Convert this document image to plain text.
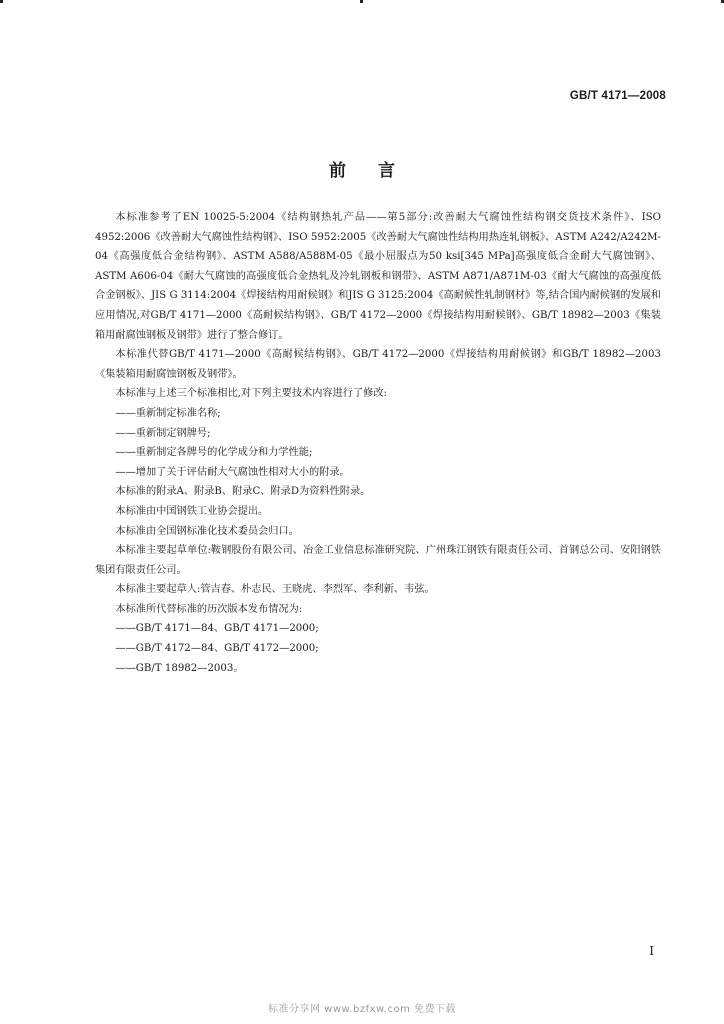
GB/T 4171—2008
前言

本标准参考了EN 10025-5:2004《结构钢热轧产品——第5部分:改善耐大气腐蚀性结构钢交货技术条件》、ISO 4952:2006《改善耐大气腐蚀性结构钢》、ISO 5952:2005《改善耐大气腐蚀性结构用热连轧钢板》、ASTM A242/A242M-04《高强度低合金结构钢》、ASTM A588/A588M-05《最小屈服点为50 ksi[345 MPa]高强度低合金耐大气腐蚀钢》、ASTM A606-04《耐大气腐蚀的高强度低合金热轧及冷轧钢板和钢带》、ASTM A871/A871M-03《耐大气腐蚀的高强度低合金钢板》、JIS G 3114:2004《焊接结构用耐候钢》和JIS G 3125:2004《高耐候性轧制钢材》等,结合国内耐候钢的发展和应用情况,对GB/T 4171—2000《高耐候结构钢》、GB/T 4172—2000《焊接结构用耐候钢》、GB/T 18982—2003《集装箱用耐腐蚀钢板及钢带》进行了整合修订。

本标准代替GB/T 4171—2000《高耐候结构钢》、GB/T 4172—2000《焊接结构用耐候钢》和GB/T 18982—2003《集装箱用耐腐蚀钢板及钢带》。

本标准与上述三个标准相比,对下列主要技术内容进行了修改:

——重新制定标准名称;

——重新制定钢牌号;

——重新制定各牌号的化学成分和力学性能;

——增加了关于评估耐大气腐蚀性相对大小的附录。

本标准的附录A、附录B、附录C、附录D为资料性附录。

本标准由中国钢铁工业协会提出。

本标准由全国钢标准化技术委员会归口。

本标准主要起草单位:鞍钢股份有限公司、冶金工业信息标准研究院、广州珠江钢铁有限责任公司、首钢总公司、安阳钢铁集团有限责任公司。

本标准主要起草人:管吉春、朴志民、王晓虎、李烈军、李利新、韦弦。

本标准所代替标准的历次版本发布情况为:

——GB/T 4171—84、GB/T 4171—2000;

——GB/T 4172—84、GB/T 4172—2000;

——GB/T 18982—2003。

I
标准分享网 www.bzfxw.com 免费下载
